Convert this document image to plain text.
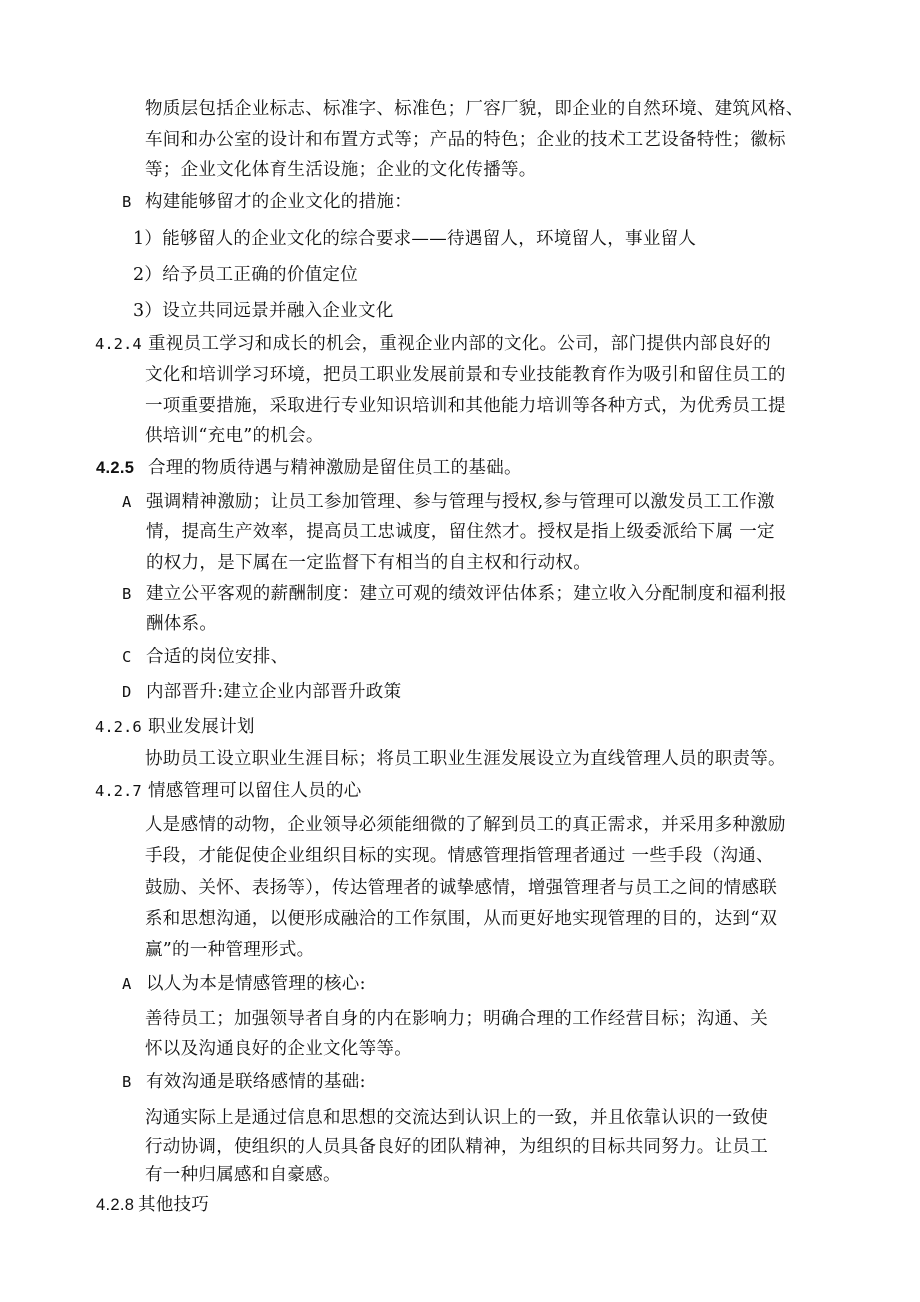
物质层包括企业标志、标准字、标准色；厂容厂貌，即企业的自然环境、建筑风格、
车间和办公室的设计和布置方式等；产品的特色；企业的技术工艺设备特性；徽标
等；企业文化体育生活设施；企业的文化传播等。
B 构建能够留才的企业文化的措施：
1）能够留人的企业文化的综合要求——待遇留人，环境留人，事业留人
2）给予员工正确的价值定位
3）设立共同远景并融入企业文化
4.2.4 重视员工学习和成长的机会，重视企业内部的文化。公司，部门提供内部良好的
文化和培训学习环境，把员工职业发展前景和专业技能教育作为吸引和留住员工的
一项重要措施，采取进行专业知识培训和其他能力培训等各种方式，为优秀员工提
供培训“充电”的机会。
4.2.5 合理的物质待遇与精神激励是留住员工的基础。
A 强调精神激励；让员工参加管理、参与管理与授权,参与管理可以激发员工工作激
情，提高生产效率，提高员工忠诚度，留住然才。授权是指上级委派给下属 一定
的权力，是下属在一定监督下有相当的自主权和行动权。
B 建立公平客观的薪酬制度：建立可观的绩效评估体系；建立收入分配制度和福利报
酬体系。
C 合适的岗位安排、
D 内部晋升:建立企业内部晋升政策
4.2.6 职业发展计划
协助员工设立职业生涯目标；将员工职业生涯发展设立为直线管理人员的职责等。
4.2.7 情感管理可以留住人员的心
人是感情的动物，企业领导必须能细微的了解到员工的真正需求，并采用多种激励
手段，才能促使企业组织目标的实现。情感管理指管理者通过 一些手段（沟通、
鼓励、关怀、表扬等），传达管理者的诚挚感情，增强管理者与员工之间的情感联
系和思想沟通，以便形成融洽的工作氛围，从而更好地实现管理的目的，达到“双
赢”的一种管理形式。
A 以人为本是情感管理的核心:
善待员工；加强领导者自身的内在影响力；明确合理的工作经营目标；沟通、关
怀以及沟通良好的企业文化等等。
B 有效沟通是联络感情的基础:
沟通实际上是通过信息和思想的交流达到认识上的一致，并且依靠认识的一致使
行动协调，使组织的人员具备良好的团队精神，为组织的目标共同努力。让员工
有一种归属感和自豪感。
4.2.8 其他技巧
